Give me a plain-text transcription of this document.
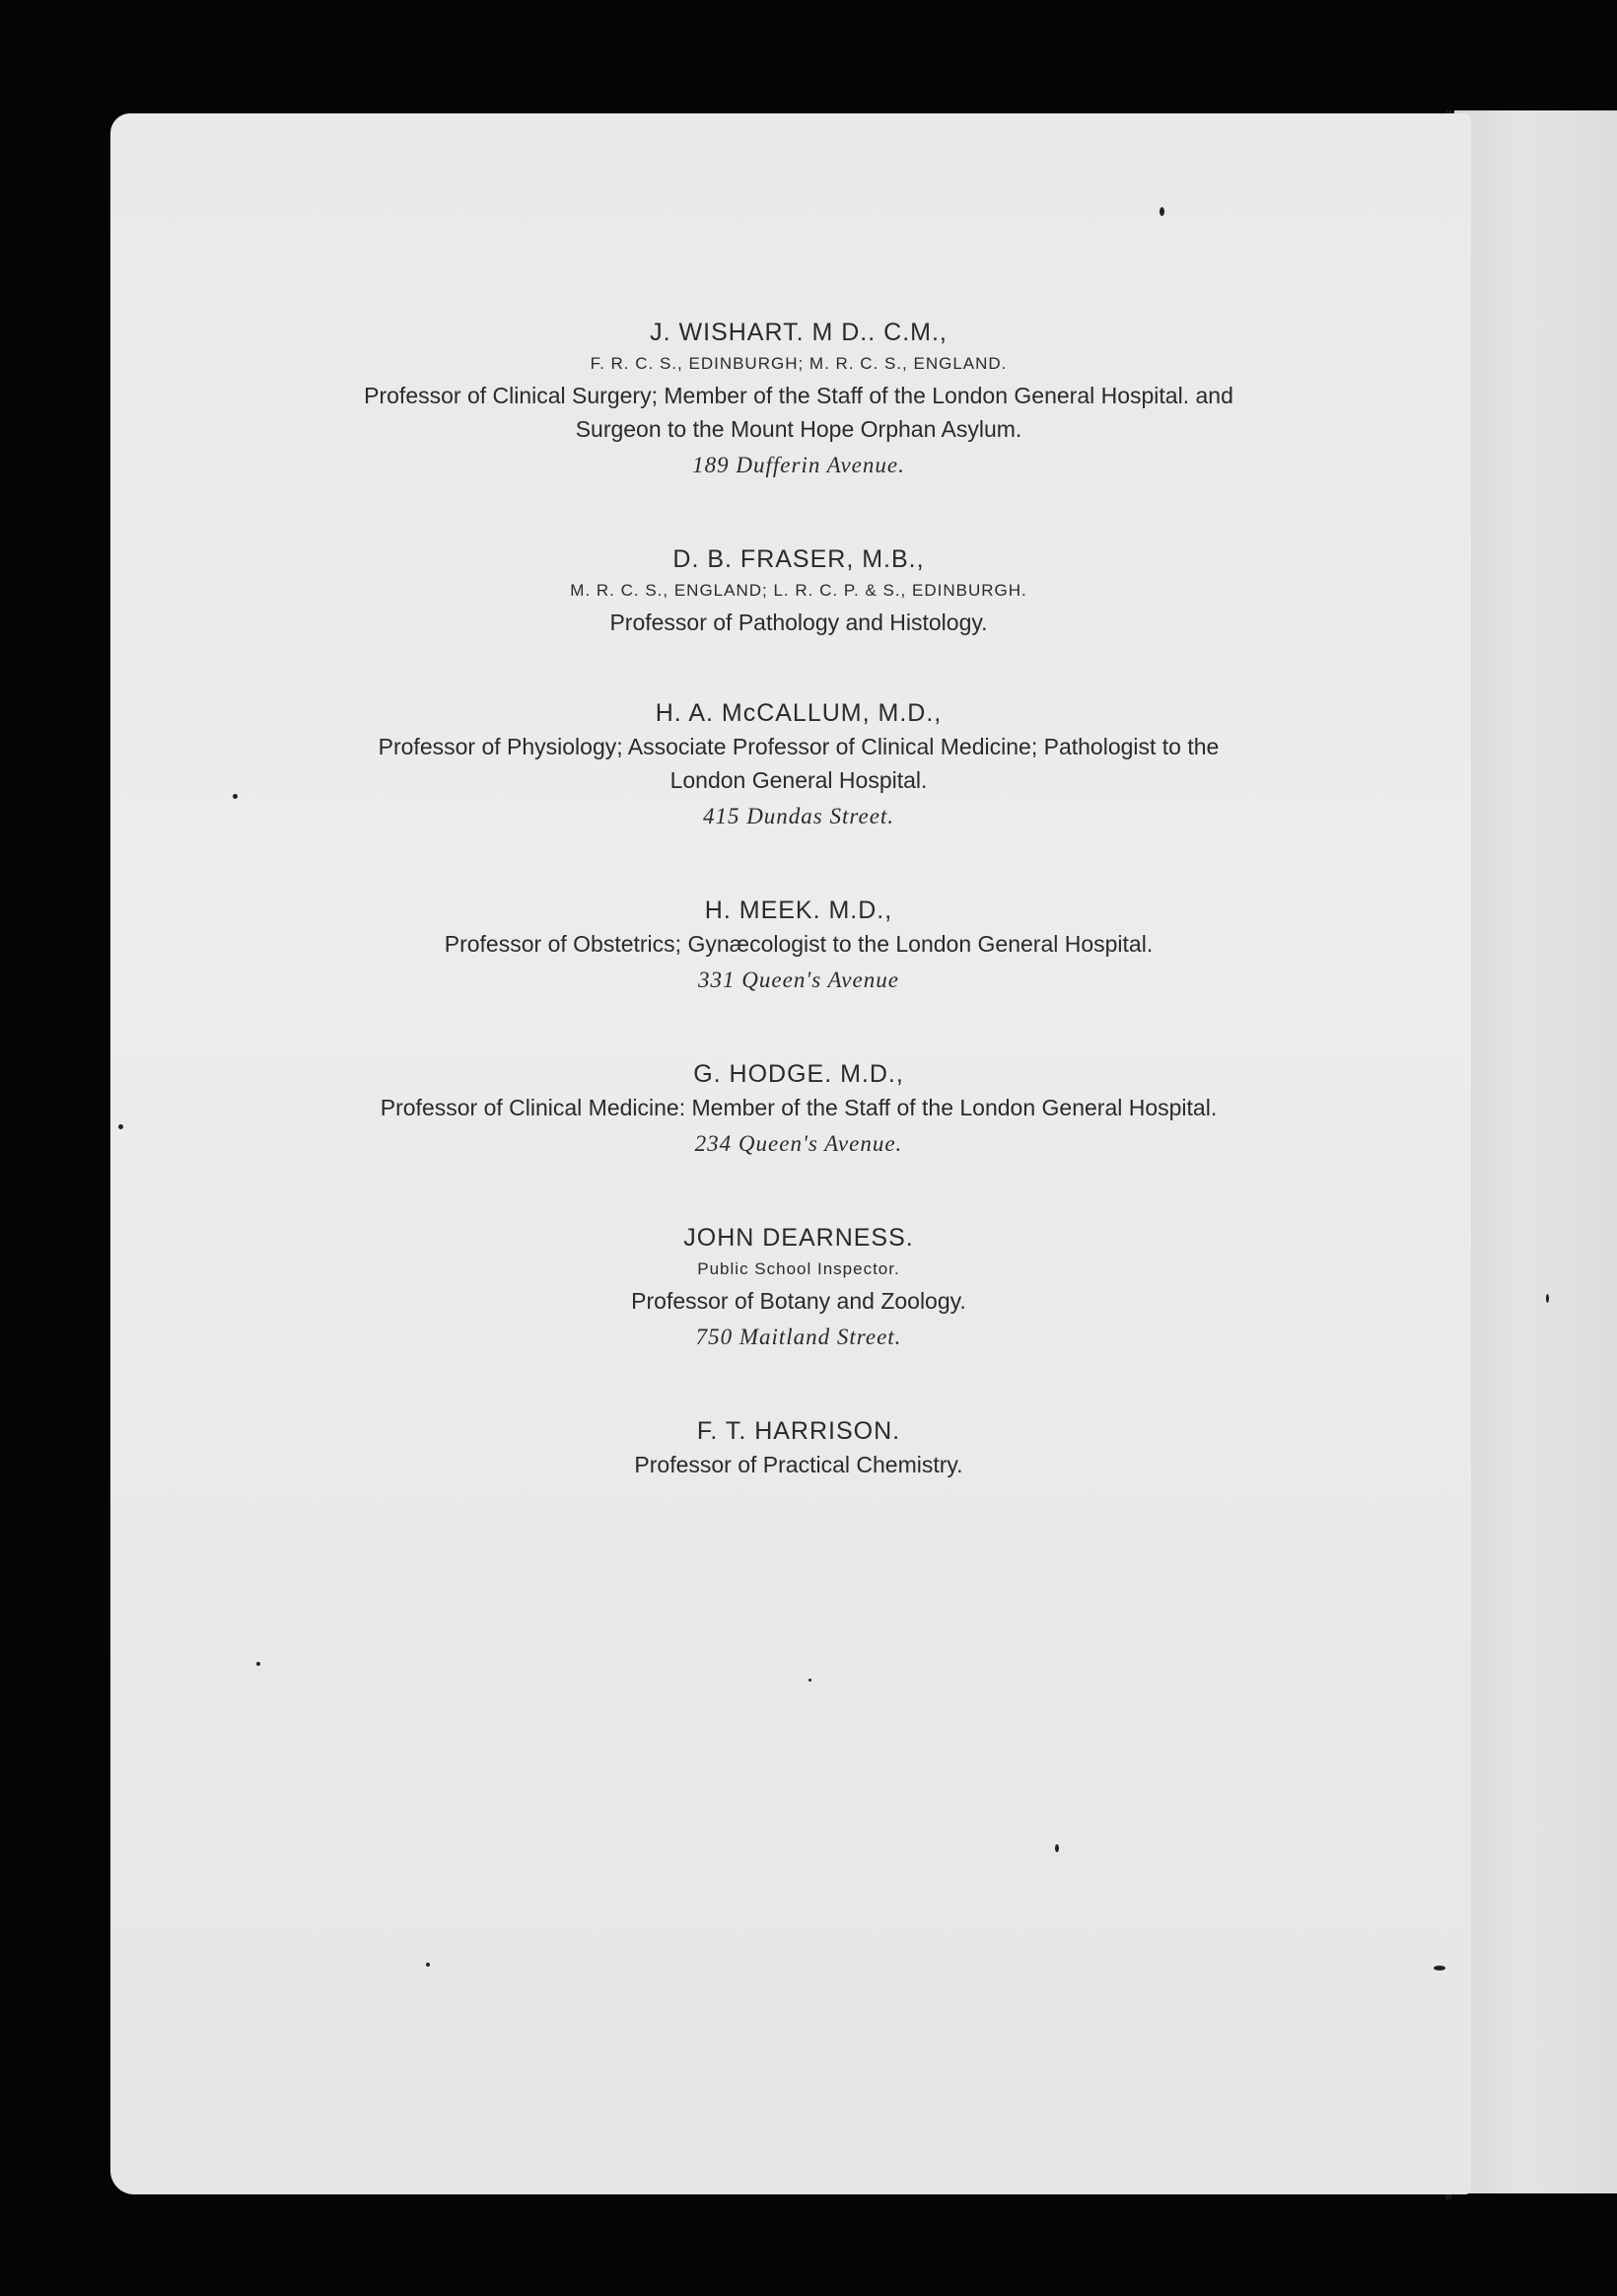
J. WISHART. M D.. C.M.,
F. R. C. S., EDINBURGH; M. R. C. S., ENGLAND.
Professor of Clinical Surgery; Member of the Staff of the London General Hospital. and Surgeon to the Mount Hope Orphan Asylum.
189 Dufferin Avenue.
D. B. FRASER, M.B.,
M. R. C. S., ENGLAND; L. R. C. P. & S., EDINBURGH.
Professor of Pathology and Histology.
H. A. McCALLUM, M.D.,
Professor of Physiology; Associate Professor of Clinical Medicine; Pathologist to the London General Hospital.
415 Dundas Street.
H. MEEK. M.D.,
Professor of Obstetrics; Gynæcologist to the London General Hospital.
331 Queen's Avenue
G. HODGE. M.D.,
Professor of Clinical Medicine: Member of the Staff of the London General Hospital.
234 Queen's Avenue.
JOHN DEARNESS.
Public School Inspector.
Professor of Botany and Zoology.
750 Maitland Street.
F. T. HARRISON.
Professor of Practical Chemistry.
